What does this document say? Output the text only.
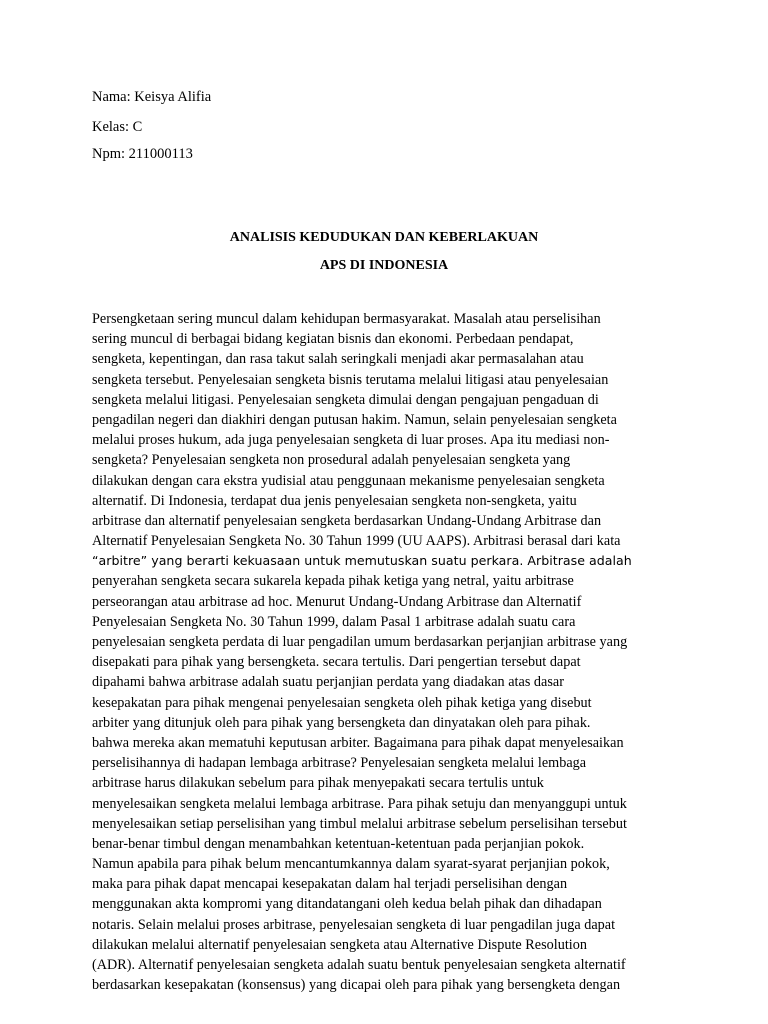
Nama: Keisya Alifia
Kelas: C
Npm: 211000113
ANALISIS KEDUDUKAN DAN KEBERLAKUAN
APS DI INDONESIA
Persengketaan sering muncul dalam kehidupan bermasyarakat. Masalah atau perselisihan
sering muncul di berbagai bidang kegiatan bisnis dan ekonomi. Perbedaan pendapat,
sengketa, kepentingan, dan rasa takut salah seringkali menjadi akar permasalahan atau
sengketa tersebut. Penyelesaian sengketa bisnis terutama melalui litigasi atau penyelesaian
sengketa melalui litigasi. Penyelesaian sengketa dimulai dengan pengajuan pengaduan di
pengadilan negeri dan diakhiri dengan putusan hakim. Namun, selain penyelesaian sengketa
melalui proses hukum, ada juga penyelesaian sengketa di luar proses. Apa itu mediasi non-
sengketa? Penyelesaian sengketa non prosedural adalah penyelesaian sengketa yang
dilakukan dengan cara ekstra yudisial atau penggunaan mekanisme penyelesaian sengketa
alternatif. Di Indonesia, terdapat dua jenis penyelesaian sengketa non-sengketa, yaitu
arbitrase dan alternatif penyelesaian sengketa berdasarkan Undang-Undang Arbitrase dan
Alternatif Penyelesaian Sengketa No. 30 Tahun 1999 (UU AAPS). Arbitrasi berasal dari kata
“arbitre” yang berarti kekuasaan untuk memutuskan suatu perkara. Arbitrase adalah
penyerahan sengketa secara sukarela kepada pihak ketiga yang netral, yaitu arbitrase
perseorangan atau arbitrase ad hoc. Menurut Undang-Undang Arbitrase dan Alternatif
Penyelesaian Sengketa No. 30 Tahun 1999, dalam Pasal 1 arbitrase adalah suatu cara
penyelesaian sengketa perdata di luar pengadilan umum berdasarkan perjanjian arbitrase yang
disepakati para pihak yang bersengketa. secara tertulis. Dari pengertian tersebut dapat
dipahami bahwa arbitrase adalah suatu perjanjian perdata yang diadakan atas dasar
kesepakatan para pihak mengenai penyelesaian sengketa oleh pihak ketiga yang disebut
arbiter yang ditunjuk oleh para pihak yang bersengketa dan dinyatakan oleh para pihak.
bahwa mereka akan mematuhi keputusan arbiter. Bagaimana para pihak dapat menyelesaikan
perselisihannya di hadapan lembaga arbitrase? Penyelesaian sengketa melalui lembaga
arbitrase harus dilakukan sebelum para pihak menyepakati secara tertulis untuk
menyelesaikan sengketa melalui lembaga arbitrase. Para pihak setuju dan menyanggupi untuk
menyelesaikan setiap perselisihan yang timbul melalui arbitrase sebelum perselisihan tersebut
benar-benar timbul dengan menambahkan ketentuan-ketentuan pada perjanjian pokok.
Namun apabila para pihak belum mencantumkannya dalam syarat-syarat perjanjian pokok,
maka para pihak dapat mencapai kesepakatan dalam hal terjadi perselisihan dengan
menggunakan akta kompromi yang ditandatangani oleh kedua belah pihak dan dihadapan
notaris. Selain melalui proses arbitrase, penyelesaian sengketa di luar pengadilan juga dapat
dilakukan melalui alternatif penyelesaian sengketa atau Alternative Dispute Resolution
(ADR). Alternatif penyelesaian sengketa adalah suatu bentuk penyelesaian sengketa alternatif
berdasarkan kesepakatan (konsensus) yang dicapai oleh para pihak yang bersengketa dengan
